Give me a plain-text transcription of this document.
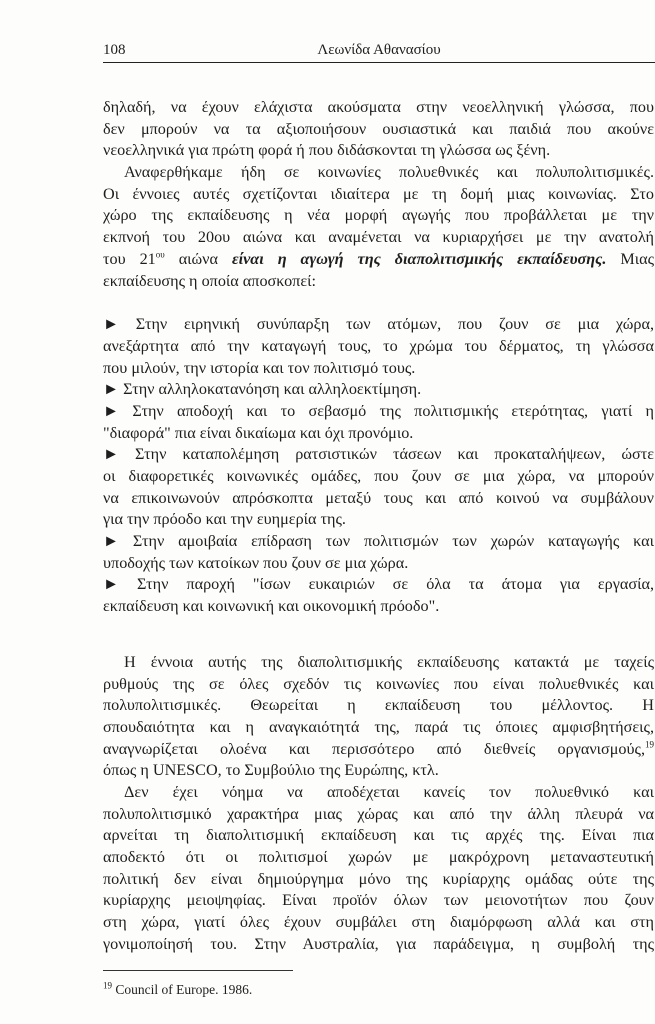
108	Λεωνίδα Αθανασίου
δηλαδή, να έχουν ελάχιστα ακούσματα στην νεοελληνική γλώσσα, που
δεν μπορούν να τα αξιοποιήσουν ουσιαστικά και παιδιά που ακούνε
νεοελληνικά για πρώτη φορά ή που διδάσκονται τη γλώσσα ως ξένη.
Αναφερθήκαμε ήδη σε κοινωνίες πολυεθνικές και πολυπολιτισμικές.
Οι έννοιες αυτές σχετίζονται ιδιαίτερα με τη δομή μιας κοινωνίας. Στο
χώρο της εκπαίδευσης η νέα μορφή αγωγής που προβάλλεται με την
εκπνοή του 20ου αιώνα και αναμένεται να κυριαρχήσει με την ανατολή
του $21^{o\upsilon}$ αιώνα είναι η αγωγή της διαπολιτισμικής εκπαίδευσης. Μιας
εκπαίδευσης η οποία αποσκοπεί:
► Στην ειρηνική συνύπαρξη των ατόμων, που ζουν σε μια χώρα,
ανεξάρτητα από την καταγωγή τους, το χρώμα του δέρματος, τη γλώσσα
που μιλούν, την ιστορία και τον πολιτισμό τους.
► Στην αλληλοκατανόηση και αλληλοεκτίμηση.
► Στην αποδοχή και το σεβασμό της πολιτισμικής ετερότητας, γιατί η
"διαφορά" πια είναι δικαίωμα και όχι προνόμιο.
► Στην καταπολέμηση ρατσιστικών τάσεων και προκαταλήψεων, ώστε
οι διαφορετικές κοινωνικές ομάδες, που ζουν σε μια χώρα, να μπορούν
να επικοινωνούν απρόσκοπτα μεταξύ τους και από κοινού να συμβάλουν
για την πρόοδο και την ευημερία της.
► Στην αμοιβαία επίδραση των πολιτισμών των χωρών καταγωγής και
υποδοχής των κατοίκων που ζουν σε μια χώρα.
► Στην παροχή "ίσων ευκαιριών σε όλα τα άτομα για εργασία,
εκπαίδευση και κοινωνική και οικονομική πρόοδο".
Η έννοια αυτής της διαπολιτισμικής εκπαίδευσης κατακτά με ταχείς
ρυθμούς της σε όλες σχεδόν τις κοινωνίες που είναι πολυεθνικές και
πολυπολιτισμικές. Θεωρείται η εκπαίδευση του μέλλοντος. Η
σπουδαιότητα και η αναγκαιότητά της, παρά τις όποιες αμφισβητήσεις,
αναγνωρίζεται ολοένα και περισσότερο από διεθνείς οργανισμούς,$^{19}$
όπως η UNESCO, το Συμβούλιο της Ευρώπης, κτλ.
Δεν έχει νόημα να αποδέχεται κανείς τον πολυεθνικό και
πολυπολιτισμικό χαρακτήρα μιας χώρας και από την άλλη πλευρά να
αρνείται τη διαπολιτισμική εκπαίδευση και τις αρχές της. Είναι πια
αποδεκτό ότι οι πολιτισμοί χωρών με μακρόχρονη μεταναστευτική
πολιτική δεν είναι δημιούργημα μόνο της κυρίαρχης ομάδας ούτε της
κυρίαρχης μειοψηφίας. Είναι προϊόν όλων των μειονοτήτων που ζουν
στη χώρα, γιατί όλες έχουν συμβάλει στη διαμόρφωση αλλά και στη
γονιμοποίησή του. Στην Αυστραλία, για παράδειγμα, η συμβολή της
$^{19}$ Council of Europe. 1986.
